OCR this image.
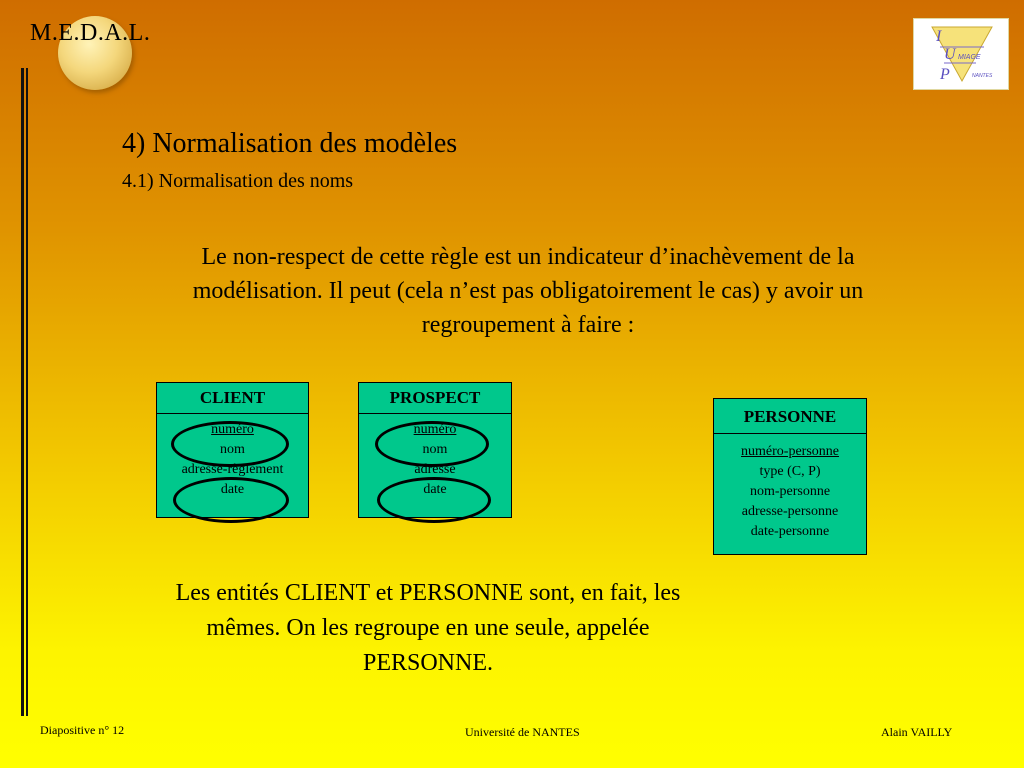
M.E.D.A.L.	I
U
P
MIAGE
NANTES
4) Normalisation des modèles
4.1) Normalisation des noms
Le non-respect de cette règle est un indicateur d’inachèvement de la modélisation. Il peut (cela n’est pas obligatoirement le cas) y avoir un regroupement à faire :
CLIENT
numéro
nom
adresse-règlement
date
PROSPECT
numéro
nom
adresse
date
PERSONNE
numéro-personne
type (C, P)
nom-personne
adresse-personne
date-personne
Les entités CLIENT et PERSONNE sont, en fait, les mêmes. On les regroupe en une seule, appelée PERSONNE.
Diapositive n° 12	Université de NANTES	Alain VAILLY
